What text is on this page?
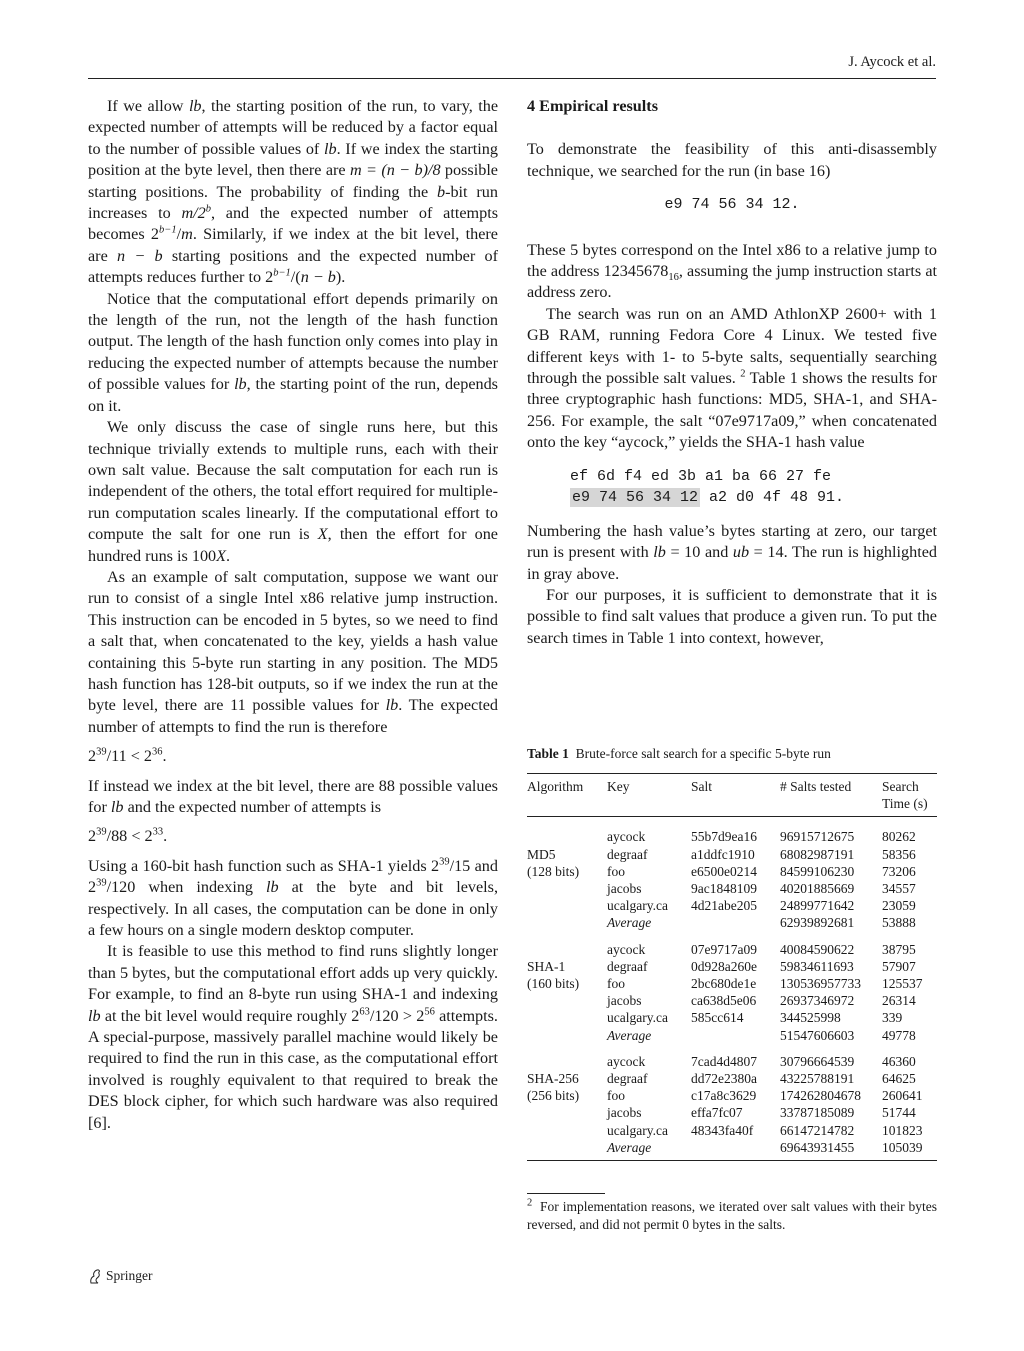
J. Aycock et al.

If we allow lb, the starting position of the run, to vary, the expected number of attempts will be reduced by a factor equal to the number of possible values of lb. If we index the starting position at the byte level, then there are m = (n − b)/8 possible starting positions. The probability of finding the b-bit run increases to m/2$^b$, and the expected number of attempts becomes $2^{b-1}/m$. Similarly, if we index at the bit level, there are n − b starting positions and the expected number of attempts reduces further to $2^{b-1}/(n - b)$.

Notice that the computational effort depends primarily on the length of the run, not the length of the hash function output. The length of the hash function only comes into play in reducing the expected number of attempts because the number of possible values for lb, the starting point of the run, depends on it.

We only discuss the case of single runs here, but this technique trivially extends to multiple runs, each with their own salt value. Because the salt computation for each run is independent of the others, the total effort required for multiple-run computation scales linearly. If the computational effort to compute the salt for one run is X, then the effort for one hundred runs is 100X.

As an example of salt computation, suppose we want our run to consist of a single Intel x86 relative jump instruction. This instruction can be encoded in 5 bytes, so we need to find a salt that, when concatenated to the key, yields a hash value containing this 5-byte run starting in any position. The MD5 hash function has 128-bit outputs, so if we index the run at the byte level, there are 11 possible values for lb. The expected number of attempts to find the run is therefore

$2^{39}/11 < 2^{36}$.

If instead we index at the bit level, there are 88 possible values for lb and the expected number of attempts is

$2^{39}/88 < 2^{33}$.

Using a 160-bit hash function such as SHA-1 yields $2^{39}/15$ and $2^{39}/120$ when indexing lb at the byte and bit levels, respectively. In all cases, the computation can be done in only a few hours on a single modern desktop computer.

It is feasible to use this method to find runs slightly longer than 5 bytes, but the computational effort adds up very quickly. For example, to find an 8-byte run using SHA-1 and indexing lb at the bit level would require roughly $2^{63}/120 > 2^{56}$ attempts. A special-purpose, massively parallel machine would likely be required to find the run in this case, as the computational effort involved is roughly equivalent to that required to break the DES block cipher, for which such hardware was also required [6].

4 Empirical results

To demonstrate the feasibility of this anti-disassembly technique, we searched for the run (in base 16)

e9 74 56 34 12.

These 5 bytes correspond on the Intel x86 to a relative jump to the address $12345678_{16}$, assuming the jump instruction starts at address zero.

The search was run on an AMD AthlonXP 2600+ with 1 GB RAM, running Fedora Core 4 Linux. We tested five different keys with 1- to 5-byte salts, sequentially searching through the possible salt values. $^2$ Table 1 shows the results for three cryptographic hash functions: MD5, SHA-1, and SHA-256. For example, the salt “07e9717a09,” when concatenated onto the key “aycock,” yields the SHA-1 hash value

ef 6d f4 ed 3b a1 ba 66 27 fe
e9 74 56 34 12 a2 d0 4f 48 91.

Numbering the hash value’s bytes starting at zero, our target run is present with lb = 10 and ub = 14. The run is highlighted in gray above.

For our purposes, it is sufficient to demonstrate that it is possible to find salt values that produce a given run. To put the search times in Table 1 into context, however,

Table 1 Brute-force salt search for a specific 5-byte run
Algorithm	Key	Salt	# Salts tested	Search Time (s)

	aycock	55b7d9ea16	96915712675	80262
MD5	degraaf	a1ddfc1910	68082987191	58356
(128 bits)	foo	e6500e0214	84599106230	73206
	jacobs	9ac1848109	40201885669	34557
	ucalgary.ca	4d21abe205	24899771642	23059
	Average		62939892681	53888

	aycock	07e9717a09	40084590622	38795
SHA-1	degraaf	0d928a260e	59834611693	57907
(160 bits)	foo	2bc680de1e	130536957733	125537
	jacobs	ca638d5e06	26937346972	26314
	ucalgary.ca	585cc614	344525998	339
	Average		51547606603	49778

	aycock	7cad4d4807	30796664539	46360
SHA-256	degraaf	dd72e2380a	43225788191	64625
(256 bits)	foo	c17a8c3629	174262804678	260641
	jacobs	effa7fc07	33787185089	51744
	ucalgary.ca	48343fa40f	66147214782	101823
	Average		69643931455	105039
$^2$ For implementation reasons, we iterated over salt values with their bytes reversed, and did not permit 0 bytes in the salts.
Springer
